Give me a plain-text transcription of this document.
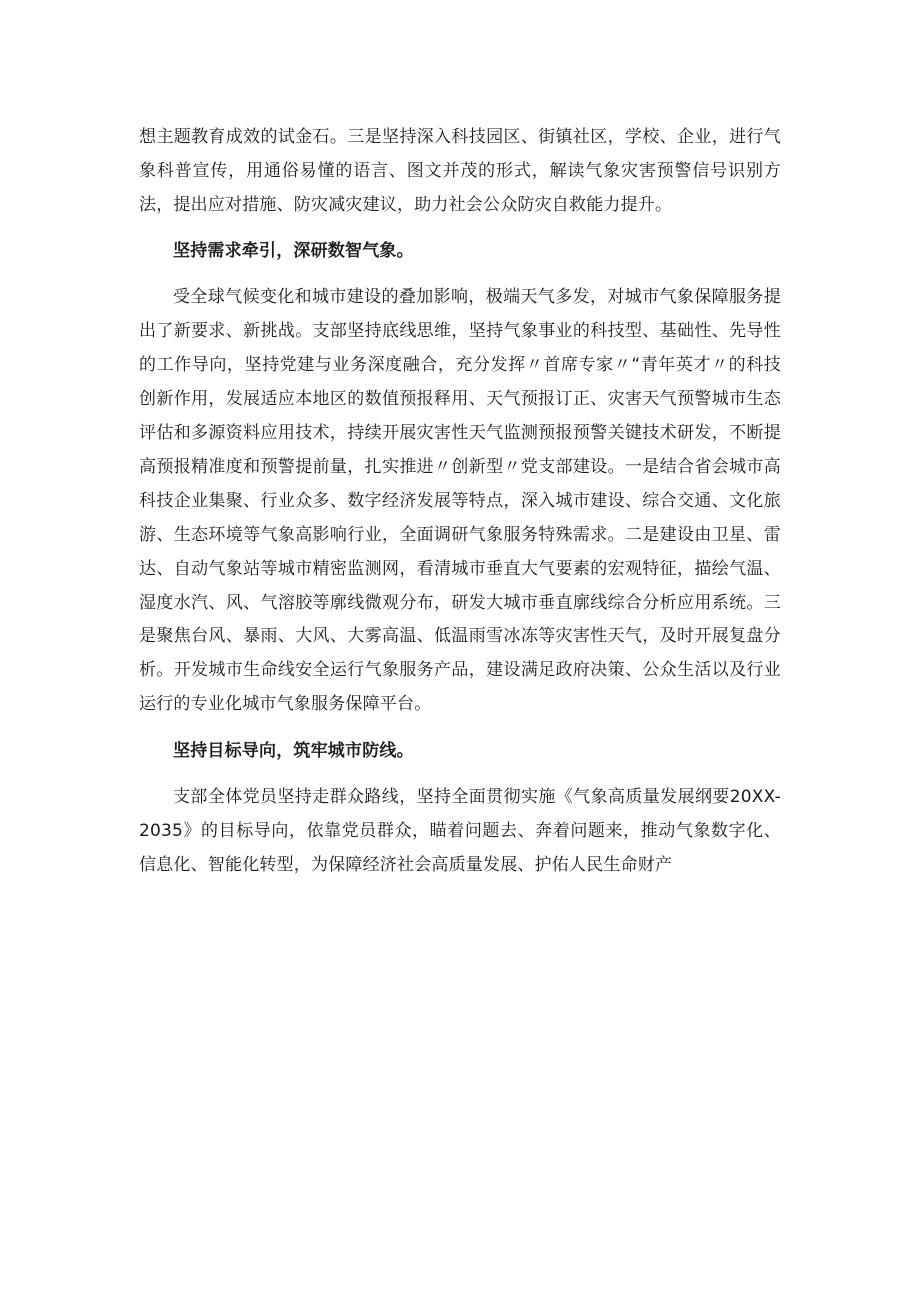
想主题教育成效的试金石。三是坚持深入科技园区、街镇社区，学校、企业，进行气象科普宣传，用通俗易懂的语言、图文并茂的形式，解读气象灾害预警信号识别方法，提出应对措施、防灾减灾建议，助力社会公众防灾自救能力提升。

坚持需求牵引，深研数智气象。

受全球气候变化和城市建设的叠加影响，极端天气多发，对城市气象保障服务提出了新要求、新挑战。支部坚持底线思维，坚持气象事业的科技型、基础性、先导性的工作导向，坚持党建与业务深度融合，充分发挥〃首席专家〃“青年英才〃的科技创新作用，发展适应本地区的数值预报释用、天气预报订正、灾害天气预警城市生态评估和多源资料应用技术，持续开展灾害性天气监测预报预警关键技术研发，不断提高预报精准度和预警提前量，扎实推进〃创新型〃党支部建设。一是结合省会城市高科技企业集聚、行业众多、数字经济发展等特点，深入城市建设、综合交通、文化旅游、生态环境等气象高影响行业，全面调研气象服务特殊需求。二是建设由卫星、雷达、自动气象站等城市精密监测网，看清城市垂直大气要素的宏观特征，描绘气温、湿度水汽、风、气溶胶等廓线微观分布，研发大城市垂直廓线综合分析应用系统。三是聚焦台风、暴雨、大风、大雾高温、低温雨雪冰冻等灾害性天气，及时开展复盘分析。开发城市生命线安全运行气象服务产品，建设满足政府决策、公众生活以及行业运行的专业化城市气象服务保障平台。

坚持目标导向，筑牢城市防线。

支部全体党员坚持走群众路线，坚持全面贯彻实施《气象高质量发展纲要20XX-2035》的目标导向，依靠党员群众，瞄着问题去、奔着问题来，推动气象数字化、信息化、智能化转型，为保障经济社会高质量发展、护佑人民生命财产
